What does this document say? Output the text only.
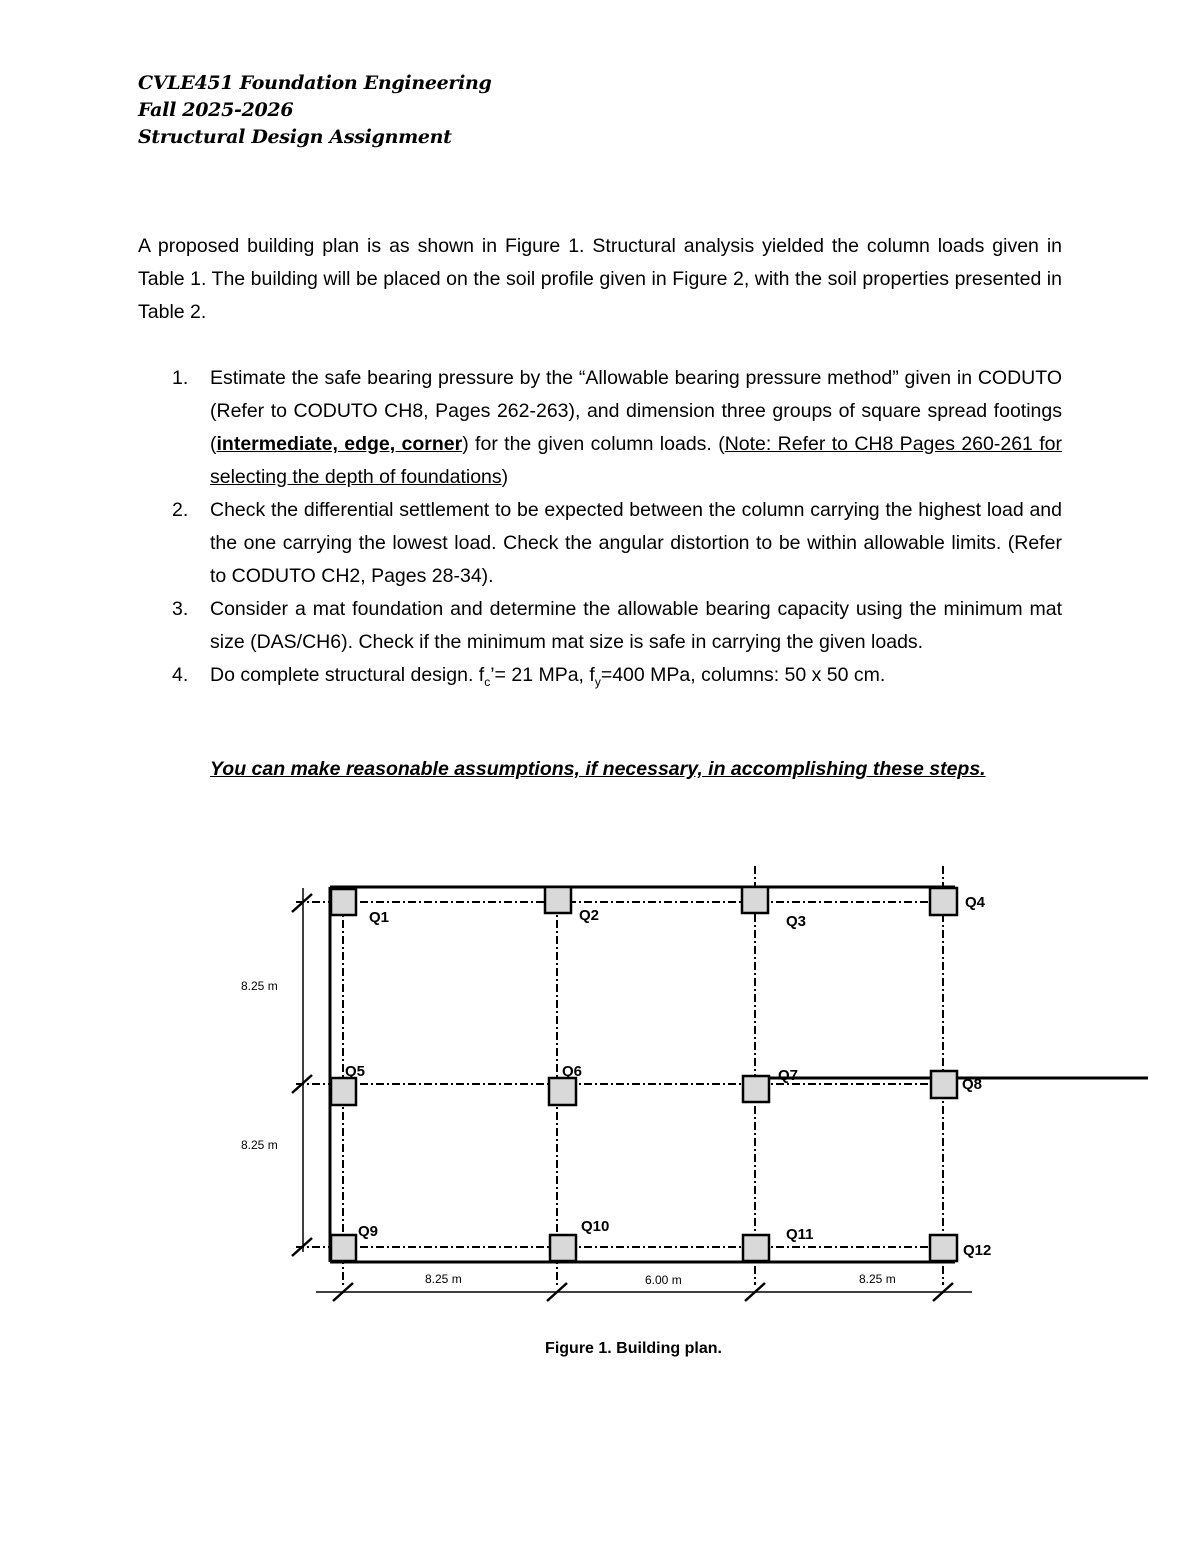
CVLE451 Foundation Engineering
Fall 2025-2026
Structural Design Assignment
A proposed building plan is as shown in Figure 1. Structural analysis yielded the column loads given in Table 1. The building will be placed on the soil profile given in Figure 2, with the soil properties presented in Table 2.
1. Estimate the safe bearing pressure by the “Allowable bearing pressure method” given in CODUTO (Refer to CODUTO CH8, Pages 262-263), and dimension three groups of square spread footings (intermediate, edge, corner) for the given column loads. (Note: Refer to CH8 Pages 260-261 for selecting the depth of foundations)
2. Check the differential settlement to be expected between the column carrying the highest load and the one carrying the lowest load. Check the angular distortion to be within allowable limits. (Refer to CODUTO CH2, Pages 28-34).
3. Consider a mat foundation and determine the allowable bearing capacity using the minimum mat size (DAS/CH6). Check if the minimum mat size is safe in carrying the given loads.
4. Do complete structural design. $f_c’= 21$ MPa, $f_y=400$ MPa, columns: 50 x 50 cm.
You can make reasonable assumptions, if necessary, in accomplishing these steps.
Q1	Q2	Q3
Q4
Q5	Q6	Q7
Q8
Q9	Q10	Q11
Q12
8.25 m
8.25 m
8.25 m	6.00 m	8.25 m
Figure 1. Building plan.
